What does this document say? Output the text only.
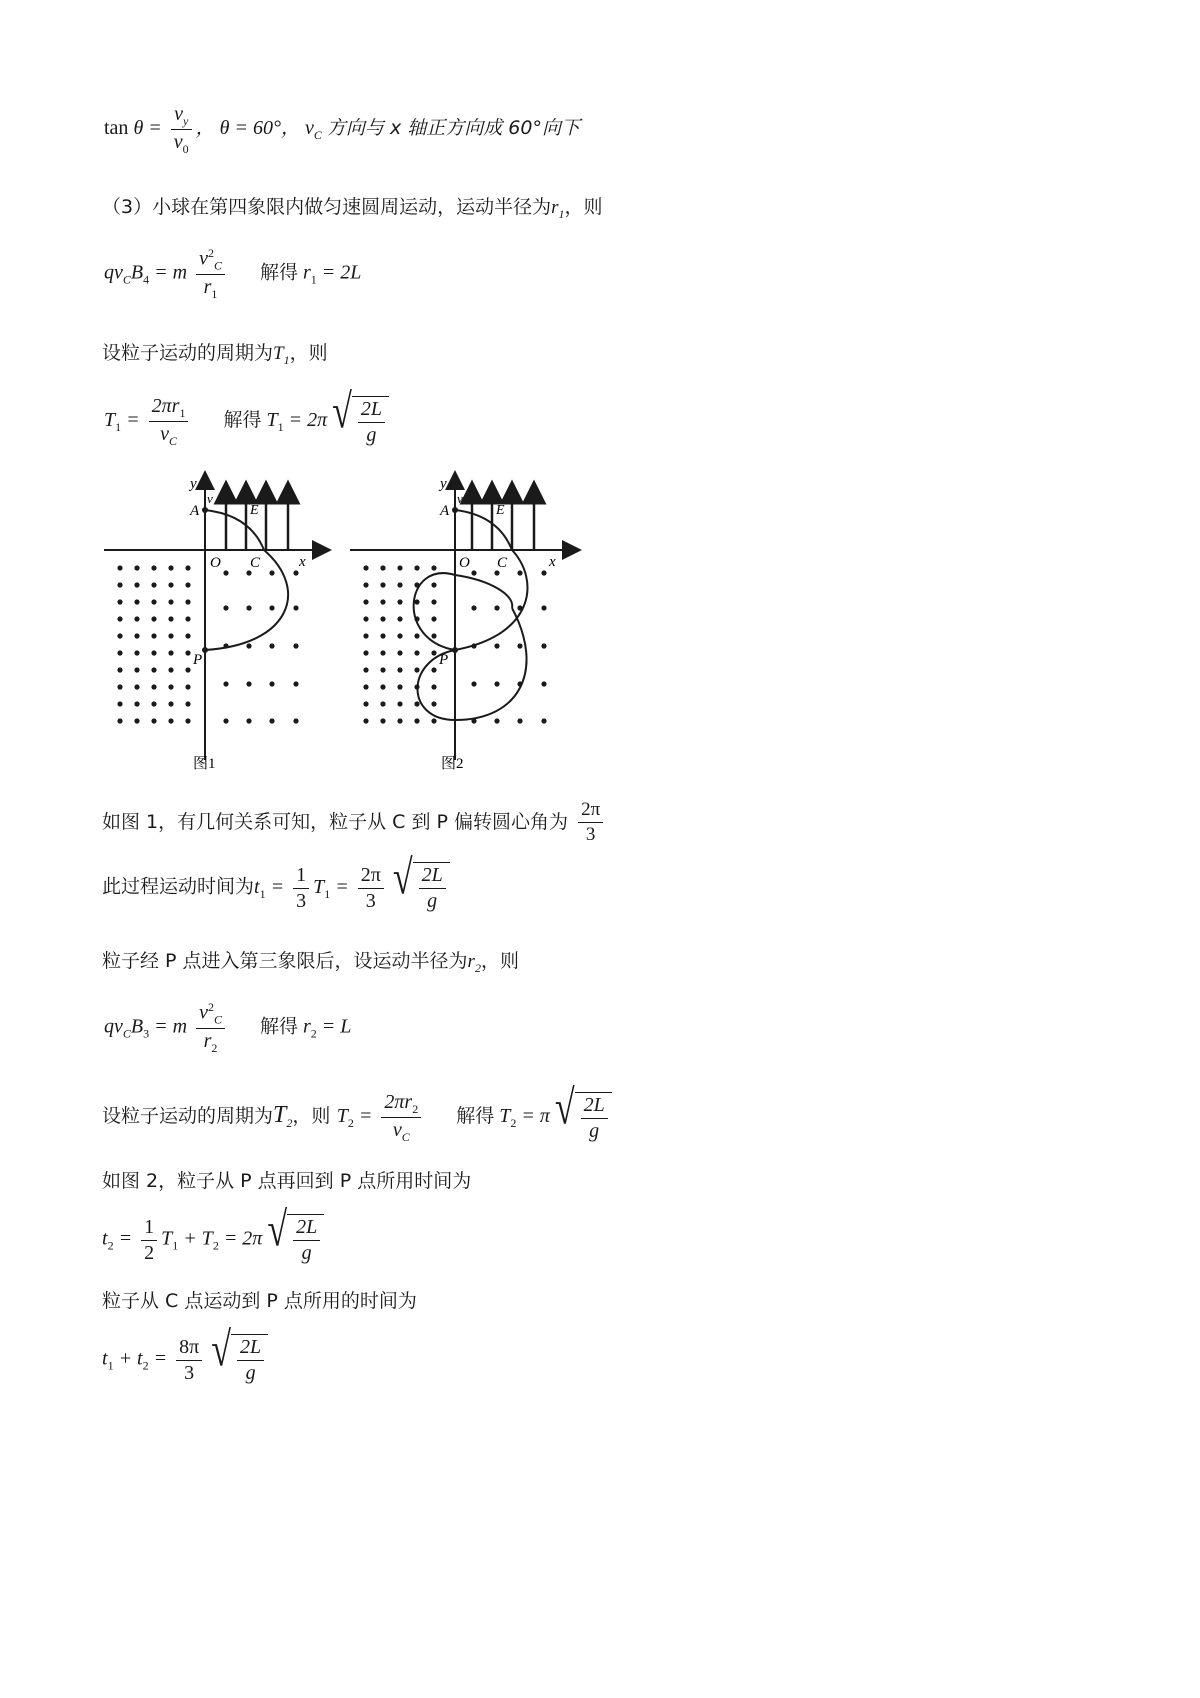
$\tan \theta = \frac{v_y}{v_0}$ ， θ = 60°， $v_C$ 方向与 x 轴正方向成 60°向下
（3）小球在第四象限内做匀速圆周运动，运动半径为$r_1$，则
$qv_CB_4 = m \frac{v^2_C}{r_1}$ 解得 $r_1 = 2L$
设粒子运动的周期为$T_1$，则
$T_1 = \frac{2\pi r_1}{v_C}$ 解得 $T_1 = 2\pi$ √ $\frac{2L}{g}$
y
x
A
O C
E
P
v
图1
y
x
A
O C
E
P
v
图2
如图 1，有几何关系可知，粒子从 C 到 P 偏转圆心角为 $\frac{2\pi}{3}$
此过程运动时间为$t_1 = \frac{1}{3} T_1 = \frac{2\pi}{3}$
√ $\frac{2L}{g}$
粒子经 P 点进入第三象限后，设运动半径为$r_2$，则
$qv_CB_3 = m \frac{v^2_C}{r_2}$ 解得 $r_2 = L$
设粒子运动的周期为$T_2$，则 $T_2 = \frac{2\pi r_2}{v_C}$ 解得 $T_2 = \pi$ √ $\frac{2L}{g}$
如图 2，粒子从 P 点再回到 P 点所用时间为
$t_2 = \frac{1}{2} T_1 + T_2 = 2\pi$ √ $\frac{2L}{g}$
粒子从 C 点运动到 P 点所用的时间为
$t_1 + t_2 = \frac{8\pi}{3}$
√ $\frac{2L}{g}$
